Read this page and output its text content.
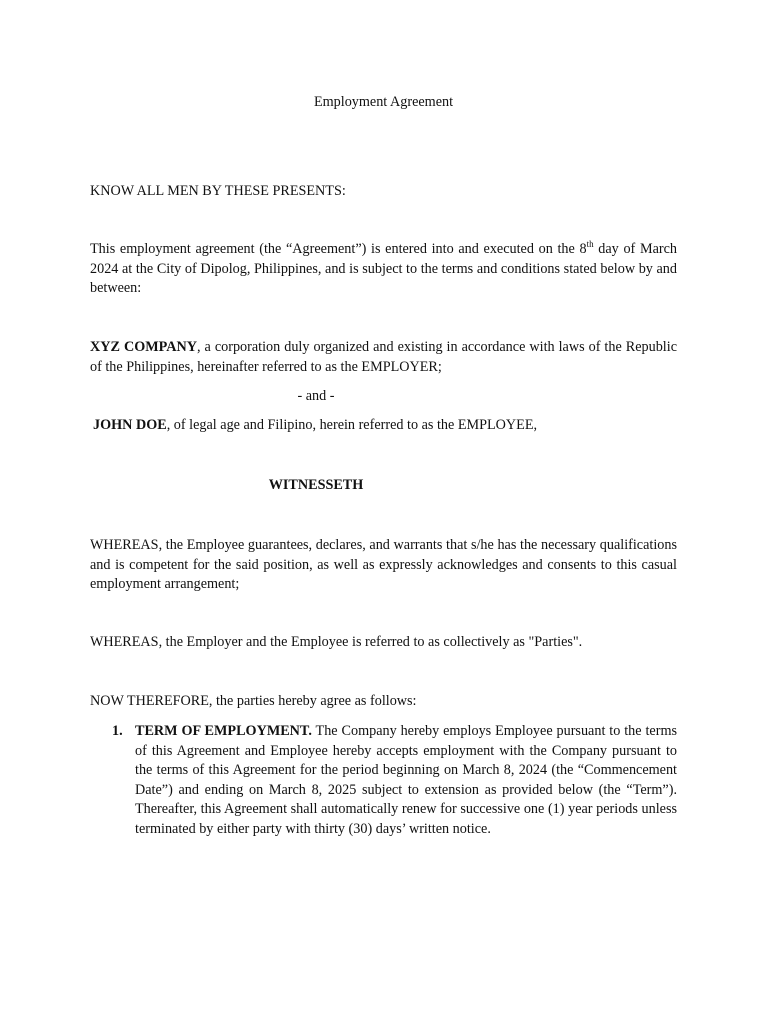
Employment Agreement

KNOW ALL MEN BY THESE PRESENTS:

This employment agreement (the “Agreement”) is entered into and executed on the 8th day of March 2024 at the City of Dipolog, Philippines, and is subject to the terms and conditions stated below by and between:

XYZ COMPANY, a corporation duly organized and existing in accordance with laws of the Republic of the Philippines, hereinafter referred to as the EMPLOYER;

- and -

JOHN DOE, of legal age and Filipino, herein referred to as the EMPLOYEE,

WITNESSETH

WHEREAS, the Employee guarantees, declares, and warrants that s/he has the necessary qualifications and is competent for the said position, as well as expressly acknowledges and consents to this casual employment arrangement;

WHEREAS, the Employer and the Employee is referred to as collectively as "Parties".

NOW THEREFORE, the parties hereby agree as follows:

1. TERM OF EMPLOYMENT. The Company hereby employs Employee pursuant to the terms of this Agreement and Employee hereby accepts employment with the Company pursuant to the terms of this Agreement for the period beginning on March 8, 2024 (the “Commencement Date”) and ending on March 8, 2025 subject to extension as provided below (the “Term”). Thereafter, this Agreement shall automatically renew for successive one (1) year periods unless terminated by either party with thirty (30) days’ written notice.
